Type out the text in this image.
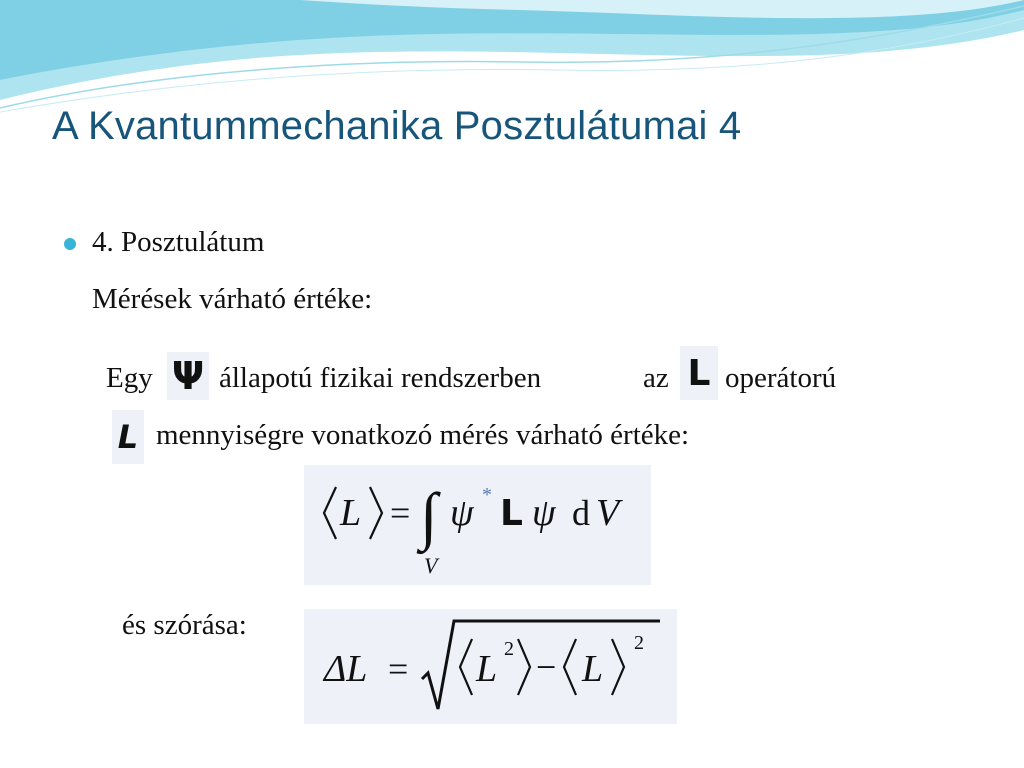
A Kvantummechanika Posztulátumai 4
4. Posztulátum
Mérések várható értéke:
Egy Ψ állapotú fizikai rendszerben	az L operátorú
L mennyiségre vonatkozó mérés várható értéke:
L = ∫
V
ψ * L ψ d V
és szórása:
ΔL = L 2 − L
2
